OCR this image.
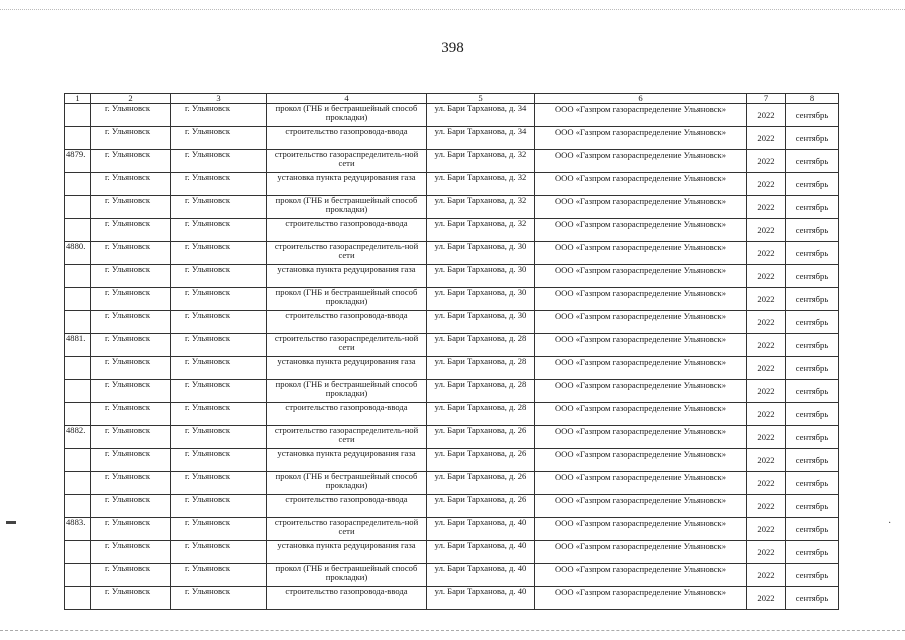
398
1	2	3	4	5	6	7	8
	г. Ульяновск	г. Ульяновск	прокол (ГНБ и бестраншейный способ прокладки)	ул. Бари Тарханова, д. 34	ООО «Газпром газораспределение Ульяновск»	2022	сентябрь

	г. Ульяновск	г. Ульяновск	строительство газопровода-ввода	ул. Бари Тарханова, д. 34	ООО «Газпром газораспределение Ульяновск»	2022	сентябрь

4879.	г. Ульяновск	г. Ульяновск	строительство газораспределитель-ной сети	ул. Бари Тарханова, д. 32	ООО «Газпром газораспределение Ульяновск»	2022	сентябрь

	г. Ульяновск	г. Ульяновск	установка пункта редуцирования газа	ул. Бари Тарханова, д. 32	ООО «Газпром газораспределение Ульяновск»	2022	сентябрь

	г. Ульяновск	г. Ульяновск	прокол (ГНБ и бестраншейный способ прокладки)	ул. Бари Тарханова, д. 32	ООО «Газпром газораспределение Ульяновск»	2022	сентябрь

	г. Ульяновск	г. Ульяновск	строительство газопровода-ввода	ул. Бари Тарханова, д. 32	ООО «Газпром газораспределение Ульяновск»	2022	сентябрь

4880.	г. Ульяновск	г. Ульяновск	строительство газораспределитель-ной сети	ул. Бари Тарханова, д. 30	ООО «Газпром газораспределение Ульяновск»	2022	сентябрь

	г. Ульяновск	г. Ульяновск	установка пункта редуцирования газа	ул. Бари Тарханова, д. 30	ООО «Газпром газораспределение Ульяновск»	2022	сентябрь

	г. Ульяновск	г. Ульяновск	прокол (ГНБ и бестраншейный способ прокладки)	ул. Бари Тарханова, д. 30	ООО «Газпром газораспределение Ульяновск»	2022	сентябрь

	г. Ульяновск	г. Ульяновск	строительство газопровода-ввода	ул. Бари Тарханова, д. 30	ООО «Газпром газораспределение Ульяновск»	2022	сентябрь

4881.	г. Ульяновск	г. Ульяновск	строительство газораспределитель-ной сети	ул. Бари Тарханова, д. 28	ООО «Газпром газораспределение Ульяновск»	2022	сентябрь

	г. Ульяновск	г. Ульяновск	установка пункта редуцирования газа	ул. Бари Тарханова, д. 28	ООО «Газпром газораспределение Ульяновск»	2022	сентябрь

	г. Ульяновск	г. Ульяновск	прокол (ГНБ и бестраншейный способ прокладки)	ул. Бари Тарханова, д. 28	ООО «Газпром газораспределение Ульяновск»	2022	сентябрь

	г. Ульяновск	г. Ульяновск	строительство газопровода-ввода	ул. Бари Тарханова, д. 28	ООО «Газпром газораспределение Ульяновск»	2022	сентябрь

4882.	г. Ульяновск	г. Ульяновск	строительство газораспределитель-ной сети	ул. Бари Тарханова, д. 26	ООО «Газпром газораспределение Ульяновск»	2022	сентябрь

	г. Ульяновск	г. Ульяновск	установка пункта редуцирования газа	ул. Бари Тарханова, д. 26	ООО «Газпром газораспределение Ульяновск»	2022	сентябрь

	г. Ульяновск	г. Ульяновск	прокол (ГНБ и бестраншейный способ прокладки)	ул. Бари Тарханова, д. 26	ООО «Газпром газораспределение Ульяновск»	2022	сентябрь

	г. Ульяновск	г. Ульяновск	строительство газопровода-ввода	ул. Бари Тарханова, д. 26	ООО «Газпром газораспределение Ульяновск»	2022	сентябрь

4883.	г. Ульяновск	г. Ульяновск	строительство газораспределитель-ной сети	ул. Бари Тарханова, д. 40	ООО «Газпром газораспределение Ульяновск»	2022	сентябрь

	г. Ульяновск	г. Ульяновск	установка пункта редуцирования газа	ул. Бари Тарханова, д. 40	ООО «Газпром газораспределение Ульяновск»	2022	сентябрь

	г. Ульяновск	г. Ульяновск	прокол (ГНБ и бестраншейный способ прокладки)	ул. Бари Тарханова, д. 40	ООО «Газпром газораспределение Ульяновск»	2022	сентябрь

	г. Ульяновск	г. Ульяновск	строительство газопровода-ввода	ул. Бари Тарханова, д. 40	ООО «Газпром газораспределение Ульяновск»	2022	сентябрь
▬	·
